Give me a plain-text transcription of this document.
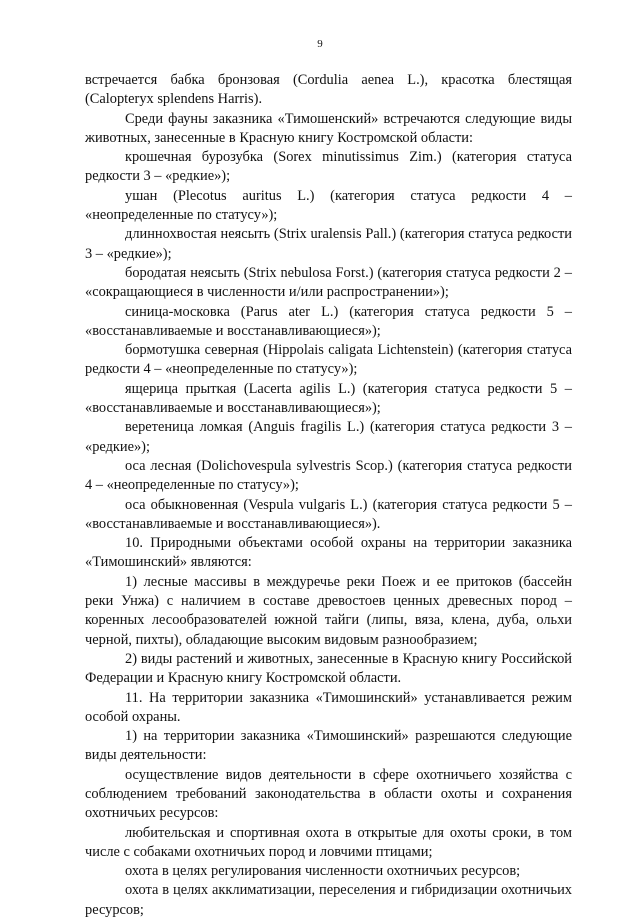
9

встречается бабка бронзовая (Cordulia aenea L.), красотка блестящая (Calopteryx splendens Harris).

Среди фауны заказника «Тимошенский» встречаются следующие виды животных, занесенные в Красную книгу Костромской области:

крошечная бурозубка (Sorex minutissimus Zim.) (категория статуса редкости 3 – «редкие»);

ушан (Plecotus auritus L.) (категория статуса редкости 4 – «неопределенные по статусу»);

длиннохвостая неясыть (Strix uralensis Pall.) (категория статуса редкости 3 – «редкие»);

бородатая неясыть (Strix nebulosa Forst.) (категория статуса редкости 2 – «сокращающиеся в численности и/или распространении»);

синица-московка (Parus ater L.) (категория статуса редкости 5 – «восстанавливаемые и восстанавливающиеся»);

бормотушка северная (Hippolais caligata Lichtenstein) (категория статуса редкости 4 – «неопределенные по статусу»);

ящерица прыткая (Lacerta agilis L.) (категория статуса редкости 5 – «восстанавливаемые и восстанавливающиеся»);

веретеница ломкая (Anguis fragilis L.) (категория статуса редкости 3 – «редкие»);

оса лесная (Dolichovespula sylvestris Scop.) (категория статуса редкости 4 – «неопределенные по статусу»);

оса обыкновенная (Vespula vulgaris L.) (категория статуса редкости 5 – «восстанавливаемые и восстанавливающиеся»).

10. Природными объектами особой охраны на территории заказника «Тимошинский» являются:

1) лесные массивы в междуречье реки Поеж и ее притоков (бассейн реки Унжа) с наличием в составе древостоев ценных древесных пород – коренных лесообразователей южной тайги (липы, вяза, клена, дуба, ольхи черной, пихты), обладающие высоким видовым разнообразием;

2) виды растений и животных, занесенные в Красную книгу Российской Федерации и Красную книгу Костромской области.

11. На территории заказника «Тимошинский» устанавливается режим особой охраны.

1) на территории заказника «Тимошинский» разрешаются следующие виды деятельности:

осуществление видов деятельности в сфере охотничьего хозяйства с соблюдением требований законодательства в области охоты и сохранения охотничьих ресурсов:

любительская и спортивная охота в открытые для охоты сроки, в том числе с собаками охотничьих пород и ловчими птицами;

охота в целях регулирования численности охотничьих ресурсов;

охота в целях акклиматизации, переселения и гибридизации охотничьих ресурсов;
